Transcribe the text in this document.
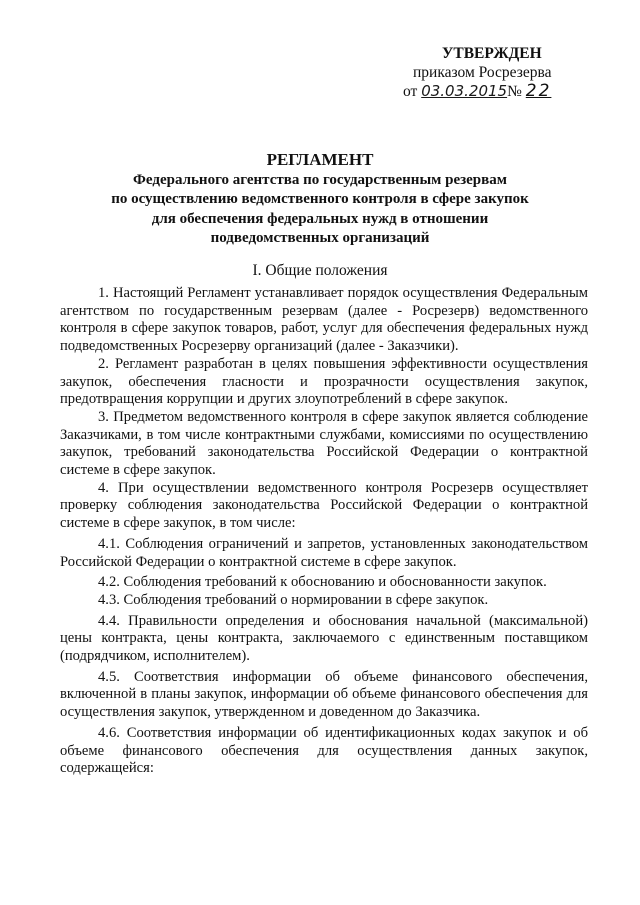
УТВЕРЖДЕН
приказом Росрезерва
от 03.03.2015№ 22
РЕГЛАМЕНТ
Федерального агентства по государственным резервам
по осуществлению ведомственного контроля в сфере закупок
для обеспечения федеральных нужд в отношении
подведомственных организаций
I. Общие положения

1. Настоящий Регламент устанавливает порядок осуществления Федеральным агентством по государственным резервам (далее - Росрезерв) ведомственного контроля в сфере закупок товаров, работ, услуг для обеспечения федеральных нужд подведомственных Росрезерву организаций (далее - Заказчики).

2. Регламент разработан в целях повышения эффективности осуществления закупок, обеспечения гласности и прозрачности осуществления закупок, предотвращения коррупции и других злоупотреблений в сфере закупок.

3. Предметом ведомственного контроля в сфере закупок является соблюдение Заказчиками, в том числе контрактными службами, комиссиями по осуществлению закупок, требований законодательства Российской Федерации о контрактной системе в сфере закупок.

4. При осуществлении ведомственного контроля Росрезерв осуществляет проверку соблюдения законодательства Российской Федерации о контрактной системе в сфере закупок, в том числе:

4.1. Соблюдения ограничений и запретов, установленных законодательством Российской Федерации о контрактной системе в сфере закупок.

4.2. Соблюдения требований к обоснованию и обоснованности закупок.

4.3. Соблюдения требований о нормировании в сфере закупок.

4.4. Правильности определения и обоснования начальной (максимальной) цены контракта, цены контракта, заключаемого с единственным поставщиком (подрядчиком, исполнителем).

4.5. Соответствия информации об объеме финансового обеспечения, включенной в планы закупок, информации об объеме финансового обеспечения для осуществления закупок, утвержденном и доведенном до Заказчика.

4.6. Соответствия информации об идентификационных кодах закупок и об объеме финансового обеспечения для осуществления данных закупок, содержащейся:
